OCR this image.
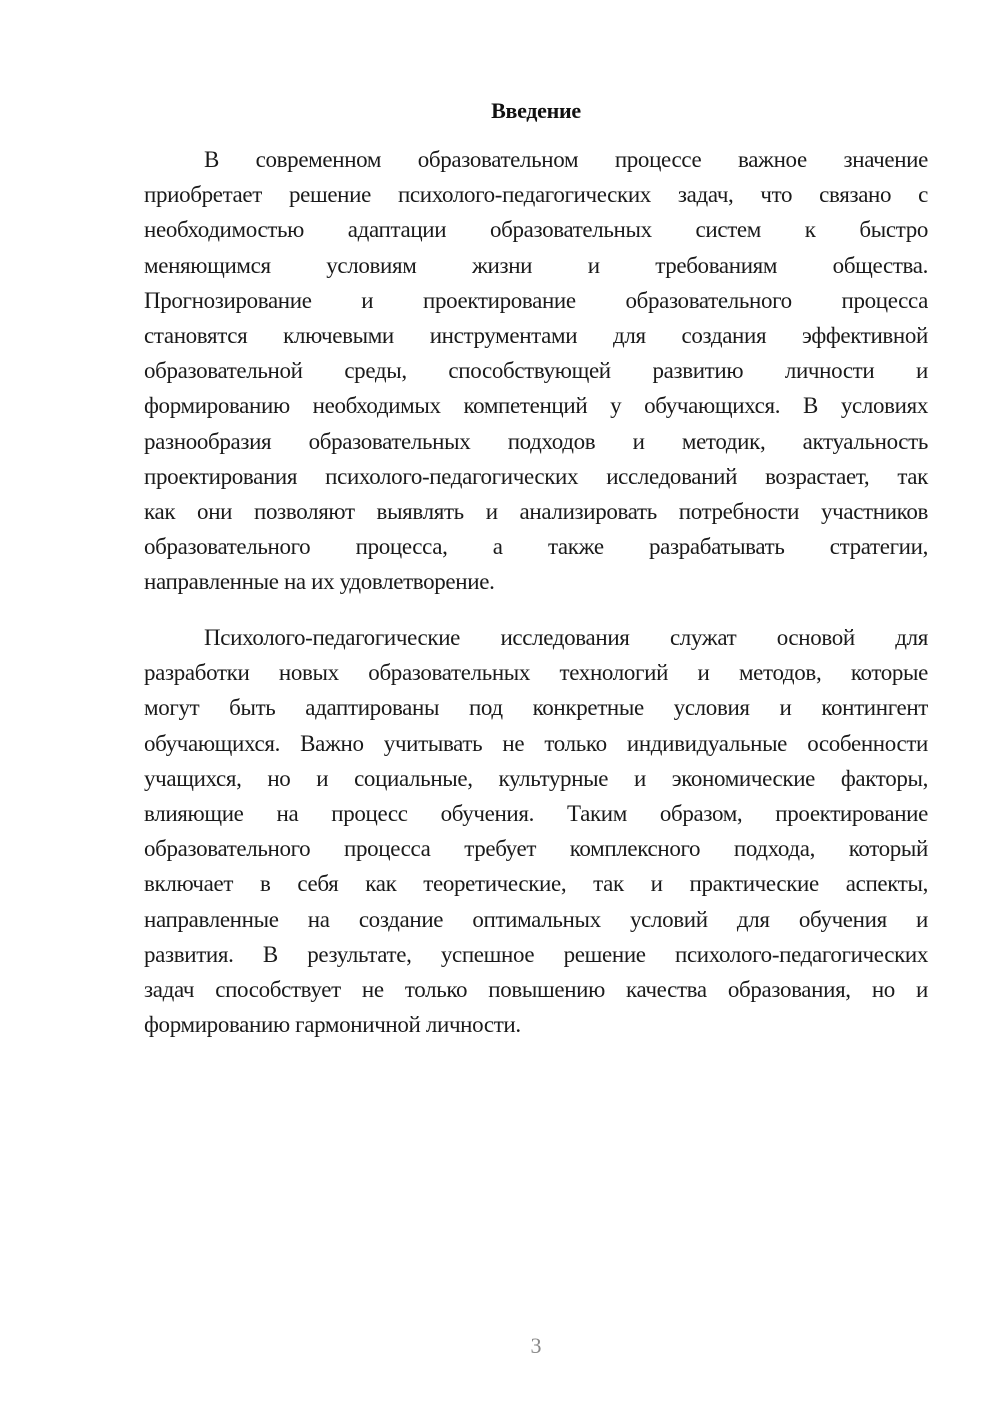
Введение
В современном образовательном процессе важное значение
приобретает решение психолого-педагогических задач, что связано с
необходимостью адаптации образовательных систем к быстро
меняющимся условиям жизни и требованиям общества.
Прогнозирование и проектирование образовательного процесса
становятся ключевыми инструментами для создания эффективной
образовательной среды, способствующей развитию личности и
формированию необходимых компетенций у обучающихся. В условиях
разнообразия образовательных подходов и методик, актуальность
проектирования психолого-педагогических исследований возрастает, так
как они позволяют выявлять и анализировать потребности участников
образовательного процесса, а также разрабатывать стратегии,
направленные на их удовлетворение.
Психолого-педагогические исследования служат основой для
разработки новых образовательных технологий и методов, которые
могут быть адаптированы под конкретные условия и контингент
обучающихся. Важно учитывать не только индивидуальные особенности
учащихся, но и социальные, культурные и экономические факторы,
влияющие на процесс обучения. Таким образом, проектирование
образовательного процесса требует комплексного подхода, который
включает в себя как теоретические, так и практические аспекты,
направленные на создание оптимальных условий для обучения и
развития. В результате, успешное решение психолого-педагогических
задач способствует не только повышению качества образования, но и
формированию гармоничной личности.
3
